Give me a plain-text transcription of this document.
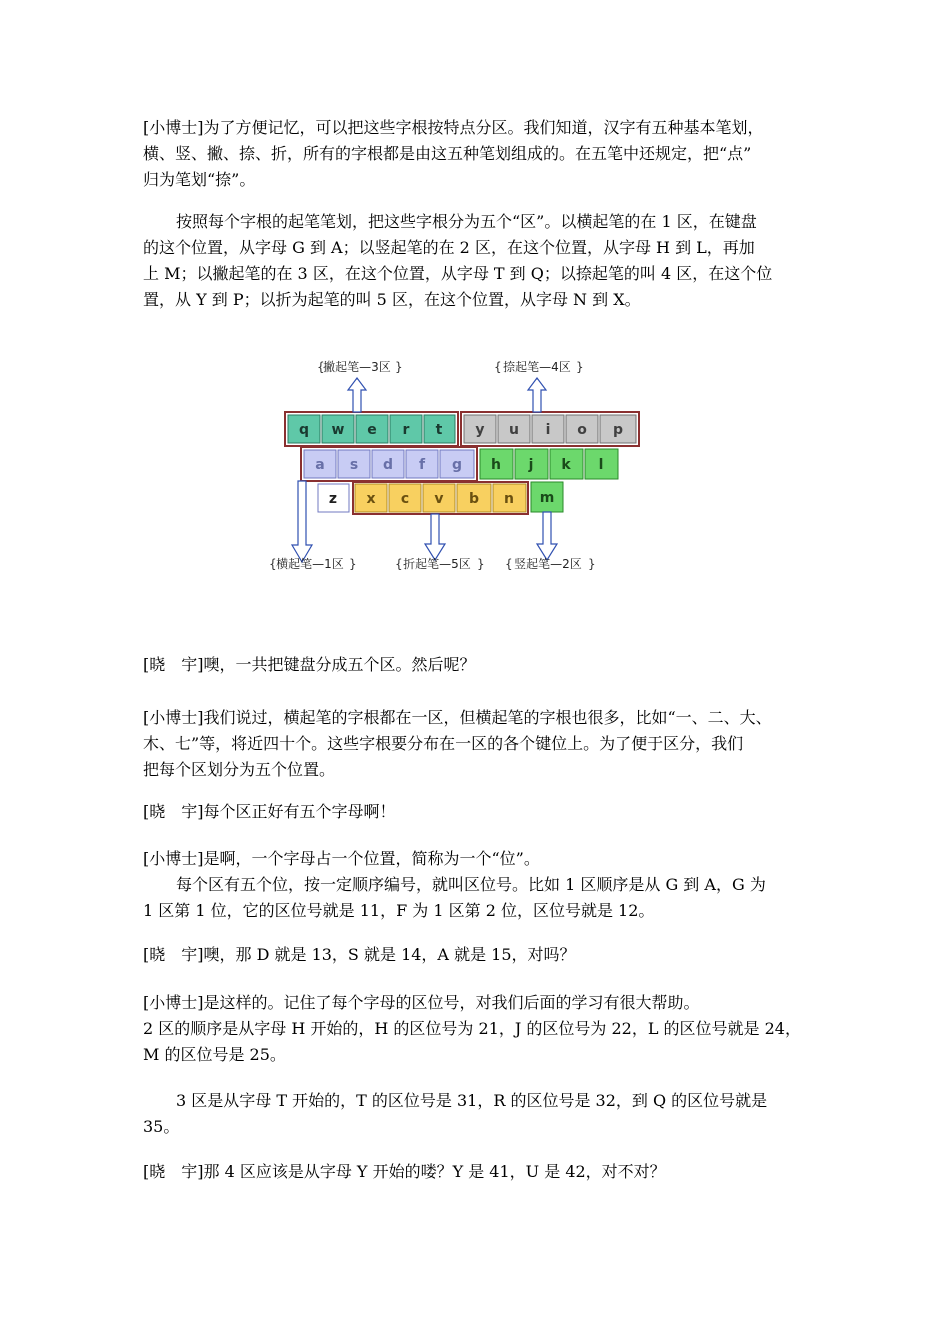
[小博士]为了方便记忆，可以把这些字根按特点分区。我们知道，汉字有五种基本笔划，
横、竖、撇、捺、折，所有的字根都是由这五种笔划组成的。在五笔中还规定，把“点”
归为笔划“捺”。

按照每个字根的起笔笔划，把这些字根分为五个“区”。以横起笔的在 1 区，在键盘
的这个位置，从字母 G 到 A；以竖起笔的在 2 区，在这个位置，从字母 H 到 L，再加
上 M；以撇起笔的在 3 区，在这个位置，从字母 T 到 Q；以捺起笔的叫 4 区，在这个位
置，从 Y 到 P；以折为起笔的叫 5 区，在这个位置，从字母 N 到 X。

q w e r t y u i o p
a s d f g h j k l
z x c v b n m
{
撇起笔—3区 }	{ 捺起笔—4区 }
{ 横起笔—1区 }	{ 折起笔—5区 } { 竖起笔—2区 }

[晓　宇]噢，一共把键盘分成五个区。然后呢？

[小博士]我们说过，横起笔的字根都在一区，但横起笔的字根也很多，比如“一、二、大、
木、七”等，将近四十个。这些字根要分布在一区的各个键位上。为了便于区分，我们
把每个区划分为五个位置。

[晓　宇]每个区正好有五个字母啊！

[小博士]是啊，一个字母占一个位置，简称为一个“位”。

每个区有五个位，按一定顺序编号，就叫区位号。比如 1 区顺序是从 G 到 A，G 为
1 区第 1 位，它的区位号就是 11，F 为 1 区第 2 位，区位号就是 12。

[晓　宇]噢，那 D 就是 13，S 就是 14，A 就是 15，对吗？

[小博士]是这样的。记住了每个字母的区位号，对我们后面的学习有很大帮助。
2 区的顺序是从字母 H 开始的，H 的区位号为 21，J 的区位号为 22，L 的区位号就是 24，
M 的区位号是 25。

3 区是从字母 T 开始的，T 的区位号是 31，R 的区位号是 32，到 Q 的区位号就是
35。

[晓　宇]那 4 区应该是从字母 Y 开始的喽？Y 是 41，U 是 42，对不对？
